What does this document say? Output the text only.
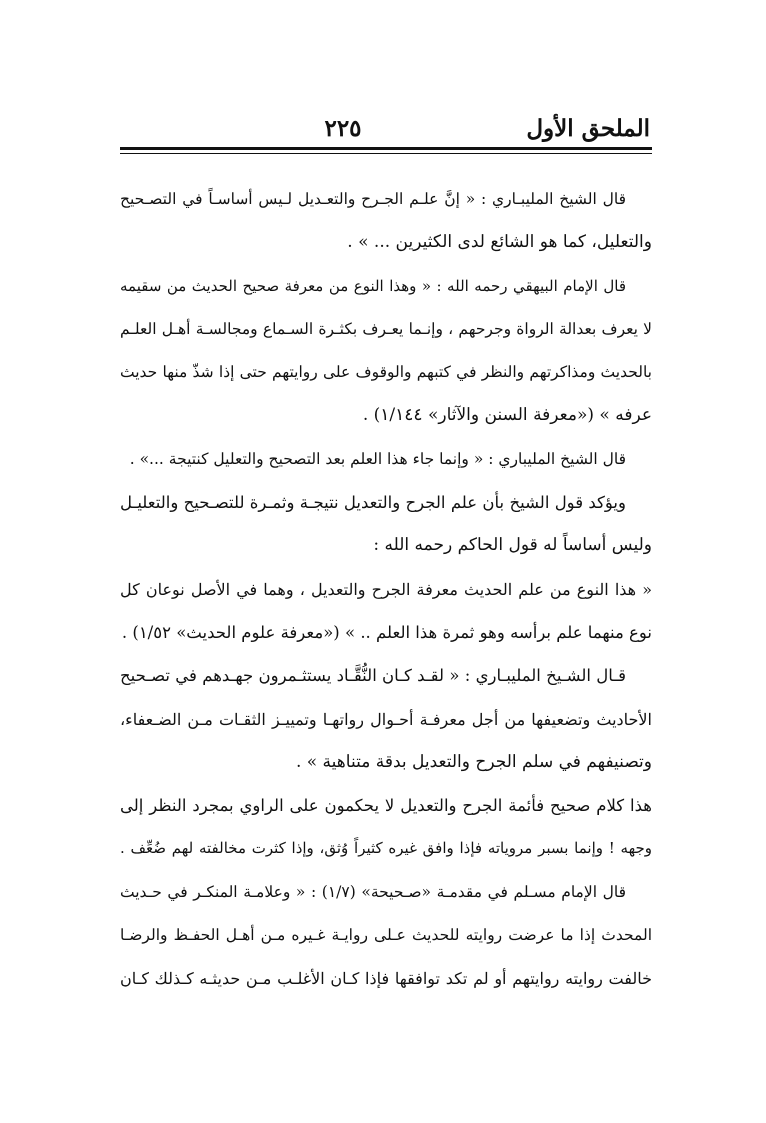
الملحق الأول
٢٢٥
قال الشيخ المليبـاري : « إنَّ علـم الجـرح والتعـديل لـيس أساسـاً في التصـحيح
والتعليل، كما هو الشائع لدى الكثيرين ... » .
قال الإمام البيهقي رحمه الله : « وهذا النوع من معرفة صحيح الحديث من سقيمه
لا يعرف بعدالة الرواة وجرحهم ، وإنـما يعـرف بكثـرة السـماع ومجالسـة أهـل العلـم
بالحديث ومذاكرتهم والنظر في كتبهم والوقوف على روايتهم حتى إذا شذّ منها حديث
عرفه » («معرفة السنن والآثار» ١/١٤٤) .
قال الشيخ المليباري : « وإنما جاء هذا العلم بعد التصحيح والتعليل كنتيجة ...» .
ويؤكد قول الشيخ بأن علم الجرح والتعديل نتيجـة وثمـرة للتصـحيح والتعليـل
وليس أساساً له قول الحاكم رحمه الله :
« هذا النوع من علم الحديث معرفة الجرح والتعديل ، وهما في الأصل نوعان كل
نوع منهما علم برأسه وهو ثمرة هذا العلم .. » («معرفة علوم الحديث» ١/٥٢) .
قـال الشـيخ المليبـاري : « لقـد كـان النُّقَّـاد يستثـمرون جهـدهم في تصـحيح
الأحاديث وتضعيفها من أجل معرفـة أحـوال رواتهـا وتمييـز الثقـات مـن الضـعفاء،
وتصنيفهم في سلم الجرح والتعديل بدقة متناهية » .
هذا كلام صحيح فأئمة الجرح والتعديل لا يحكمون على الراوي بمجرد النظر إلى
وجهه ! وإنما بسبر مروياته فإذا وافق غيره كثيراً وُثق، وإذا كثرت مخالفته لهم ضُعِّف .
قال الإمام مسـلم في مقدمـة «صـحيحة» (١/٧) : « وعلامـة المنكـر في حـديث
المحدث إذا ما عرضت روايته للحديث عـلى روايـة غـيره مـن أهـل الحفـظ والرضـا
خالفت روايته روايتهم أو لم تكد توافقها فإذا كـان الأغلـب مـن حديثـه كـذلك كـان
